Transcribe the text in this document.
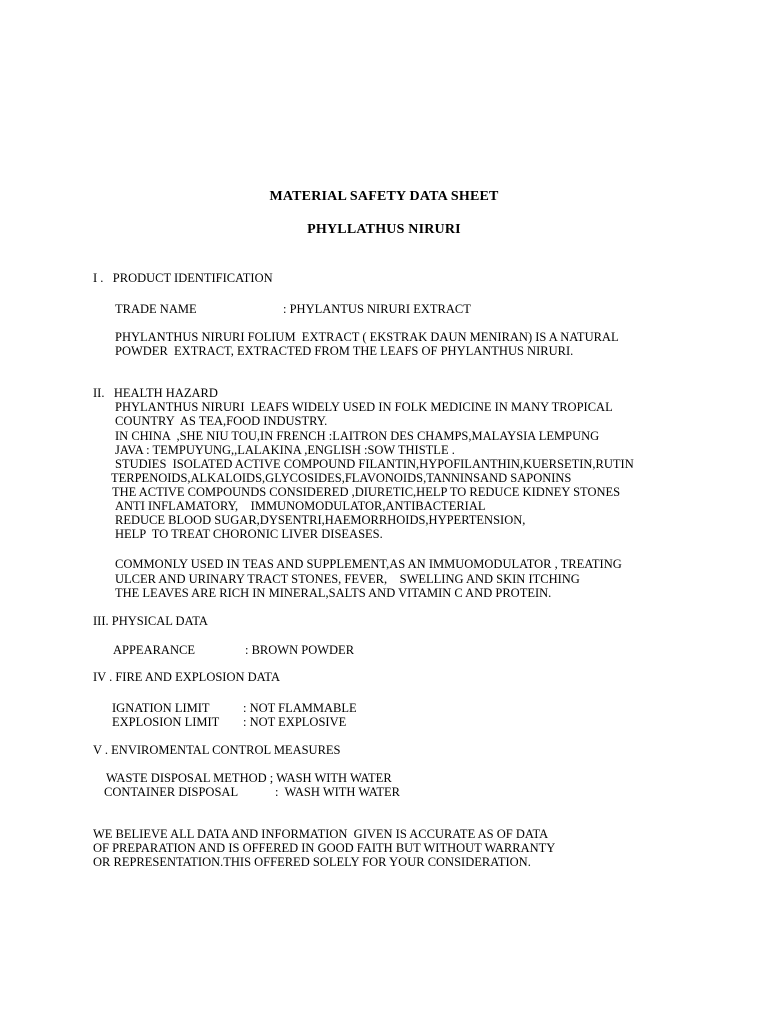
MATERIAL SAFETY DATA SHEET
PHYLLATHUS NIRURI
I .   PRODUCT IDENTIFICATION
TRADE NAME	: PHYLANTUS NIRURI EXTRACT
PHYLANTHUS NIRURI FOLIUM  EXTRACT ( EKSTRAK DAUN MENIRAN) IS A NATURAL
POWDER  EXTRACT, EXTRACTED FROM THE LEAFS OF PHYLANTHUS NIRURI.
II.   HEALTH HAZARD
PHYLANTHUS NIRURI  LEAFS WIDELY USED IN FOLK MEDICINE IN MANY TROPICAL
COUNTRY  AS TEA,FOOD INDUSTRY.
IN CHINA  ,SHE NIU TOU,IN FRENCH :LAITRON DES CHAMPS,MALAYSIA LEMPUNG
JAVA : TEMPUYUNG,,LALAKINA ,ENGLISH :SOW THISTLE .
STUDIES  ISOLATED ACTIVE COMPOUND FILANTIN,HYPOFILANTHIN,KUERSETIN,RUTIN
TERPENOIDS,ALKALOIDS,GLYCOSIDES,FLAVONOIDS,TANNINSAND SAPONINS
THE ACTIVE COMPOUNDS CONSIDERED ,DIURETIC,HELP TO REDUCE KIDNEY STONES
ANTI INFLAMATORY,    IMMUNOMODULATOR,ANTIBACTERIAL
REDUCE BLOOD SUGAR,DYSENTRI,HAEMORRHOIDS,HYPERTENSION,
HELP  TO TREAT CHORONIC LIVER DISEASES.
COMMONLY USED IN TEAS AND SUPPLEMENT,AS AN IMMUOMODULATOR , TREATING
ULCER AND URINARY TRACT STONES, FEVER,    SWELLING AND SKIN ITCHING
THE LEAVES ARE RICH IN MINERAL,SALTS AND VITAMIN C AND PROTEIN.
III. PHYSICAL DATA
APPEARANCE	: BROWN POWDER
IV . FIRE AND EXPLOSION DATA
IGNATION LIMIT	: NOT FLAMMABLE
EXPLOSION LIMIT : NOT EXPLOSIVE
V . ENVIROMENTAL CONTROL MEASURES
WASTE DISPOSAL METHOD ; WASH WITH WATER
CONTAINER DISPOSAL	:  WASH WITH WATER
WE BELIEVE ALL DATA AND INFORMATION  GIVEN IS ACCURATE AS OF DATA
OF PREPARATION AND IS OFFERED IN GOOD FAITH BUT WITHOUT WARRANTY
OR REPRESENTATION.THIS OFFERED SOLELY FOR YOUR CONSIDERATION.
